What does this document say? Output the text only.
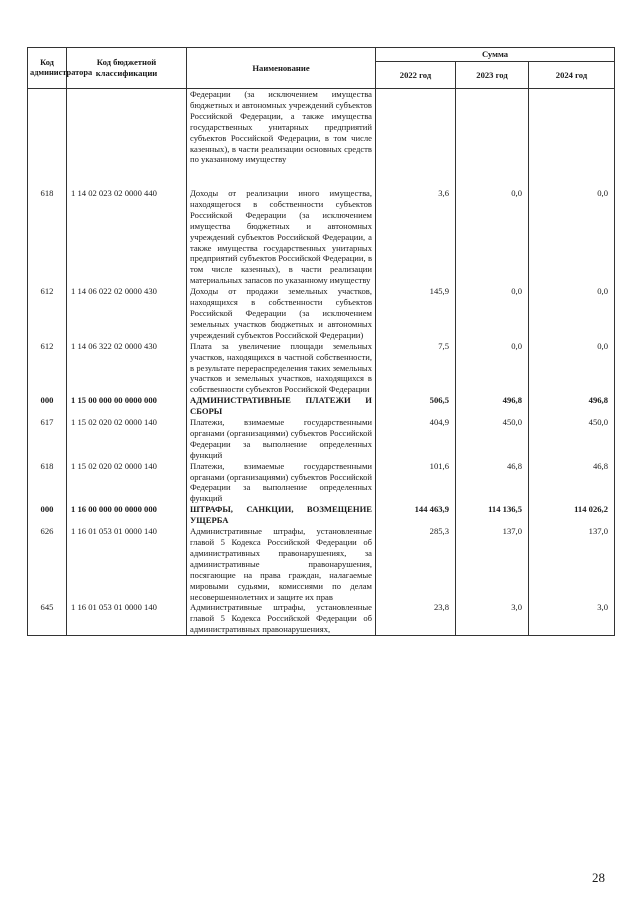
Код администратора	Код бюджетной классификации	Наименование	Сумма		
			2022 год	2023 год	2024 год
		Федерации (за исключением имущества бюджетных и автономных учреждений субъектов Российской Федерации, а также имущества государственных унитарных предприятий субъектов Российской Федерации, в том числе казенных), в части реализации основных средств по указанному имуществу			
618	1 14 02 023 02 0000 440	Доходы от реализации иного имущества, находящегося в собственности субъектов Российской Федерации (за исключением имущества бюджетных и автономных учреждений субъектов Российской Федерации, а также имущества государственных унитарных предприятий субъектов Российской Федерации, в том числе казенных), в части реализации материальных запасов по указанному имуществу	3,6	0,0	0,0
612	1 14 06 022 02 0000 430	Доходы от продажи земельных участков, находящихся в собственности субъектов Российской Федерации (за исключением земельных участков бюджетных и автономных учреждений субъектов Российской Федерации)	145,9	0,0	0,0
612	1 14 06 322 02 0000 430	Плата за увеличение площади земельных участков, находящихся в частной собственности, в результате перераспределения таких земельных участков и земельных участков, находящихся в собственности субъектов Российской Федерации	7,5	0,0	0,0
000	1 15 00 000 00 0000 000	АДМИНИСТРАТИВНЫЕ ПЛАТЕЖИ И СБОРЫ	506,5	496,8	496,8
617	1 15 02 020 02 0000 140	Платежи, взимаемые государственными органами (организациями) субъектов Российской Федерации за выполнение определенных функций	404,9	450,0	450,0
618	1 15 02 020 02 0000 140	Платежи, взимаемые государственными органами (организациями) субъектов Российской Федерации за выполнение определенных функций	101,6	46,8	46,8
000	1 16 00 000 00 0000 000	ШТРАФЫ, САНКЦИИ, ВОЗМЕЩЕНИЕ УЩЕРБА	144 463,9	114 136,5	114 026,2
626	1 16 01 053 01 0000 140	Административные штрафы, установленные главой 5 Кодекса Российской Федерации об административных правонарушениях, за административные правонарушения, посягающие на права граждан, налагаемые мировыми судьями, комиссиями по делам несовершеннолетних и защите их прав	285,3	137,0	137,0
645	1 16 01 053 01 0000 140	Административные штрафы, установленные главой 5 Кодекса Российской Федерации об административных правонарушениях,	23,8	3,0	3,0
28
